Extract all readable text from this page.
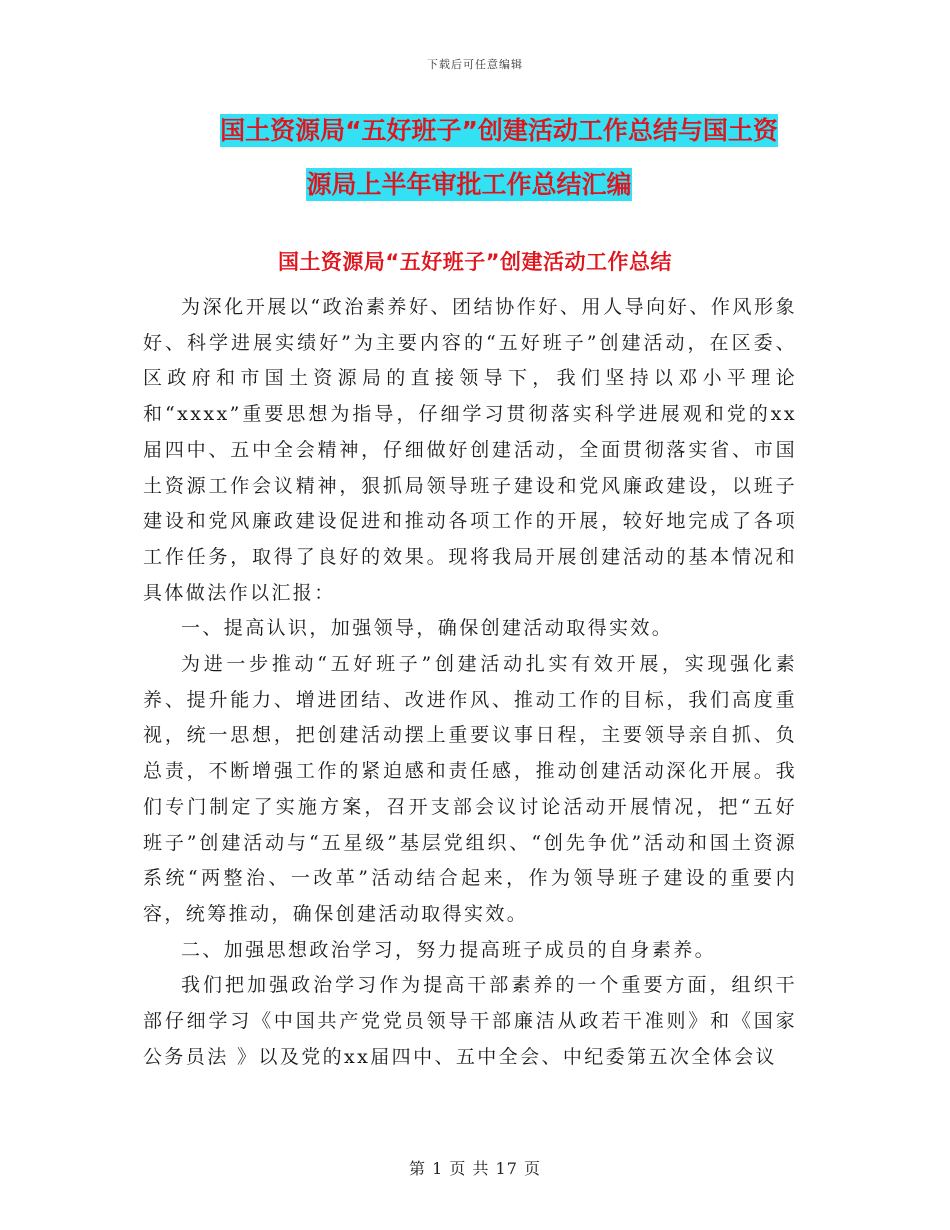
下载后可任意编辑
国土资源局“五好班子”创建活动工作总结与国土资
源局上半年审批工作总结汇编
国土资源局“五好班子”创建活动工作总结

为深化开展以“政治素养好、团结协作好、用人导向好、作风形象好、科学进展实绩好”为主要内容的“五好班子”创建活动，在区委、区政府和市国土资源局的直接领导下，我们坚持以邓小平理论和“xxxx”重要思想为指导，仔细学习贯彻落实科学进展观和党的xx届四中、五中全会精神，仔细做好创建活动，全面贯彻落实省、市国土资源工作会议精神，狠抓局领导班子建设和党风廉政建设，以班子建设和党风廉政建设促进和推动各项工作的开展，较好地完成了各项工作任务，取得了良好的效果。现将我局开展创建活动的基本情况和具体做法作以汇报：

一、提高认识，加强领导，确保创建活动取得实效。

为进一步推动“五好班子”创建活动扎实有效开展，实现强化素养、提升能力、增进团结、改进作风、推动工作的目标，我们高度重视，统一思想，把创建活动摆上重要议事日程，主要领导亲自抓、负总责，不断增强工作的紧迫感和责任感，推动创建活动深化开展。我们专门制定了实施方案，召开支部会议讨论活动开展情况，把“五好班子”创建活动与“五星级”基层党组织、“创先争优”活动和国土资源系统“两整治、一改革”活动结合起来，作为领导班子建设的重要内容，统筹推动，确保创建活动取得实效。

二、加强思想政治学习，努力提高班子成员的自身素养。

我们把加强政治学习作为提高干部素养的一个重要方面，组织干部仔细学习《中国共产党党员领导干部廉洁从政若干准则》和《国家公务员法 》以及党的xx届四中、五中全会、中纪委第五次全体会议

第 1 页 共 17 页
